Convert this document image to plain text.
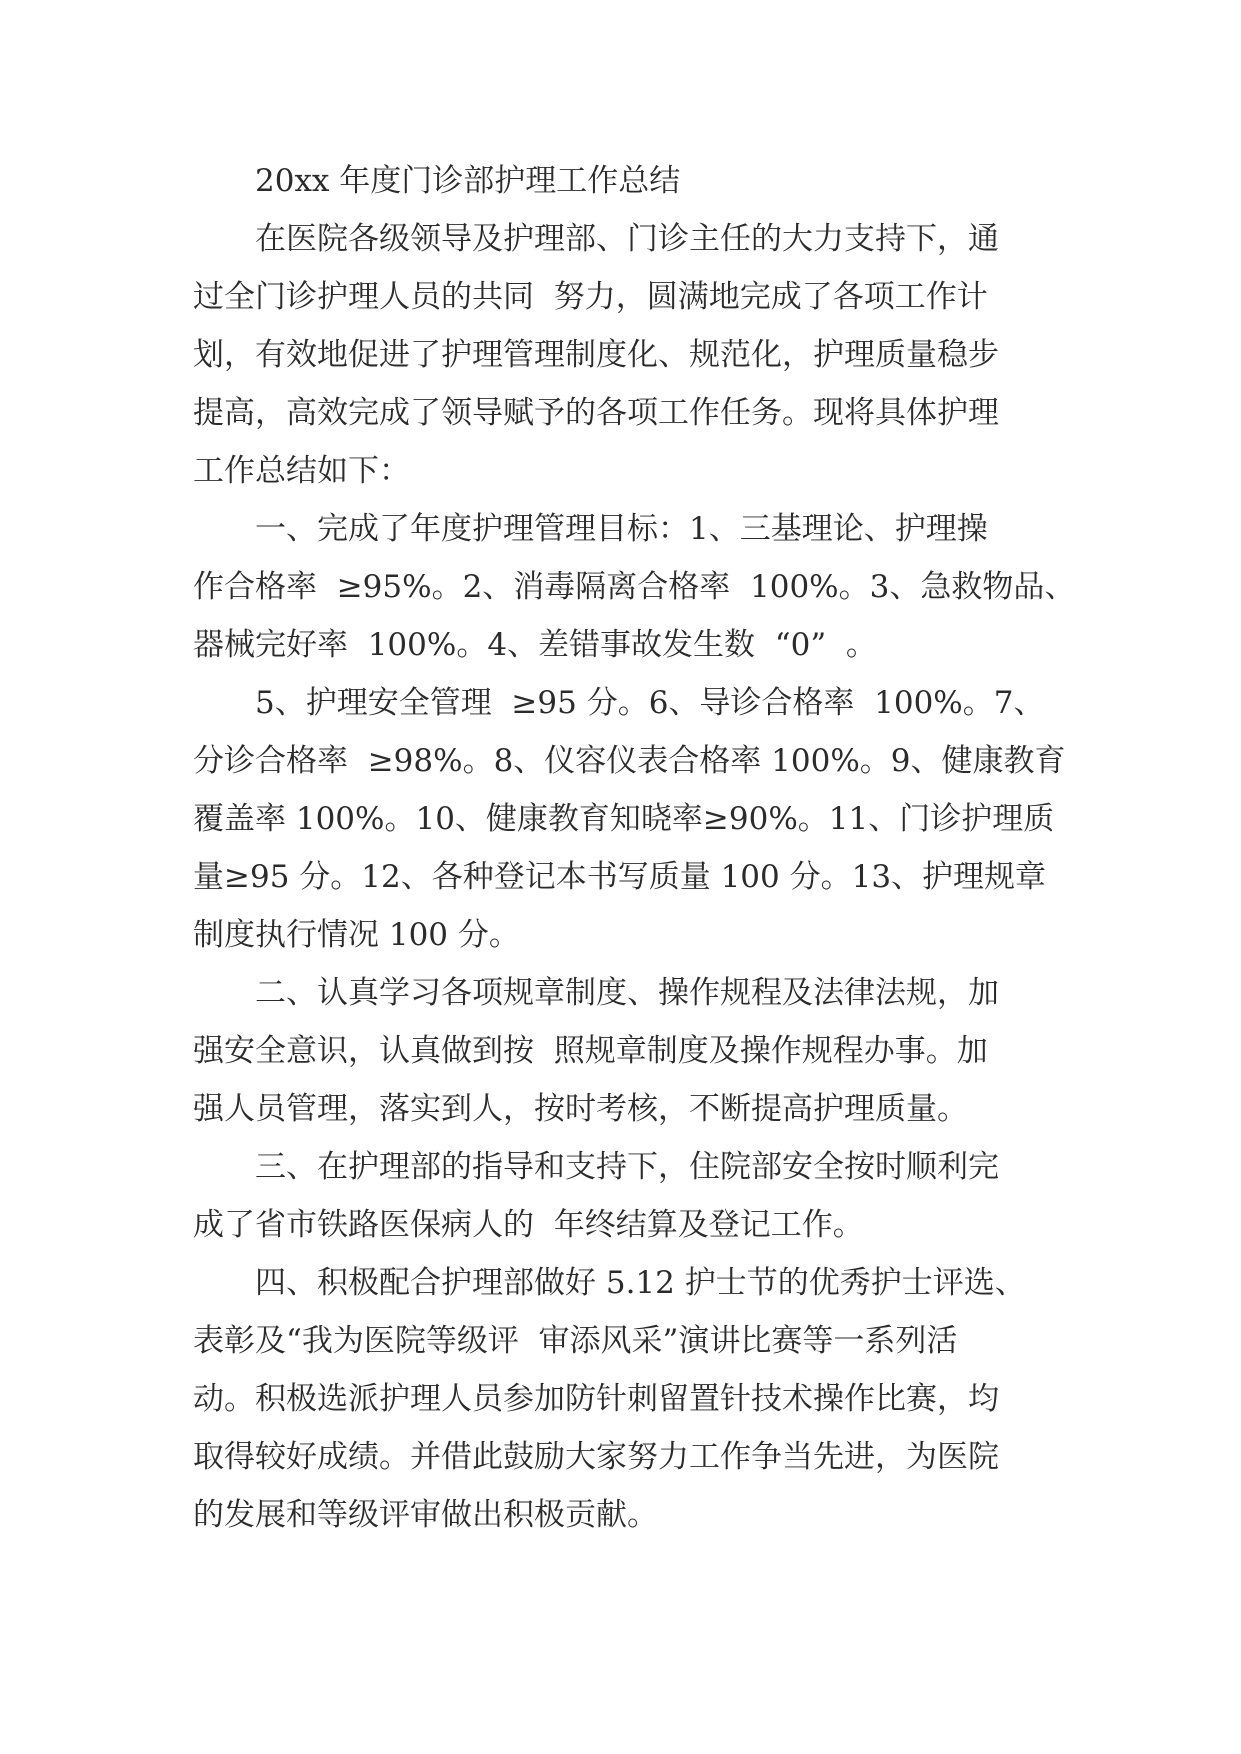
20xx 年度门诊部护理工作总结
在医院各级领导及护理部、门诊主任的大力支持下，通
过全门诊护理人员的共同  努力，圆满地完成了各项工作计
划，有效地促进了护理管理制度化、规范化，护理质量稳步
提高，高效完成了领导赋予的各项工作任务。现将具体护理
工作总结如下：
一、完成了年度护理管理目标：1、三基理论、护理操
作合格率  ≥95%。2、消毒隔离合格率  100%。3、急救物品、
器械完好率  100%。4、差错事故发生数  “0”  。
5、护理安全管理  ≥95 分。6、导诊合格率  100%。7、
分诊合格率  ≥98%。8、仪容仪表合格率 100%。9、健康教育
覆盖率 100%。10、健康教育知晓率≥90%。11、门诊护理质
量≥95 分。12、各种登记本书写质量 100 分。13、护理规章
制度执行情况 100 分。
二、认真学习各项规章制度、操作规程及法律法规，加
强安全意识，认真做到按  照规章制度及操作规程办事。加
强人员管理，落实到人，按时考核，不断提高护理质量。
三、在护理部的指导和支持下，住院部安全按时顺利完
成了省市铁路医保病人的  年终结算及登记工作。
四、积极配合护理部做好 5.12 护士节的优秀护士评选、
表彰及“我为医院等级评  审添风采”演讲比赛等一系列活
动。积极选派护理人员参加防针刺留置针技术操作比赛，均
取得较好成绩。并借此鼓励大家努力工作争当先进，为医院
的发展和等级评审做出积极贡献。
